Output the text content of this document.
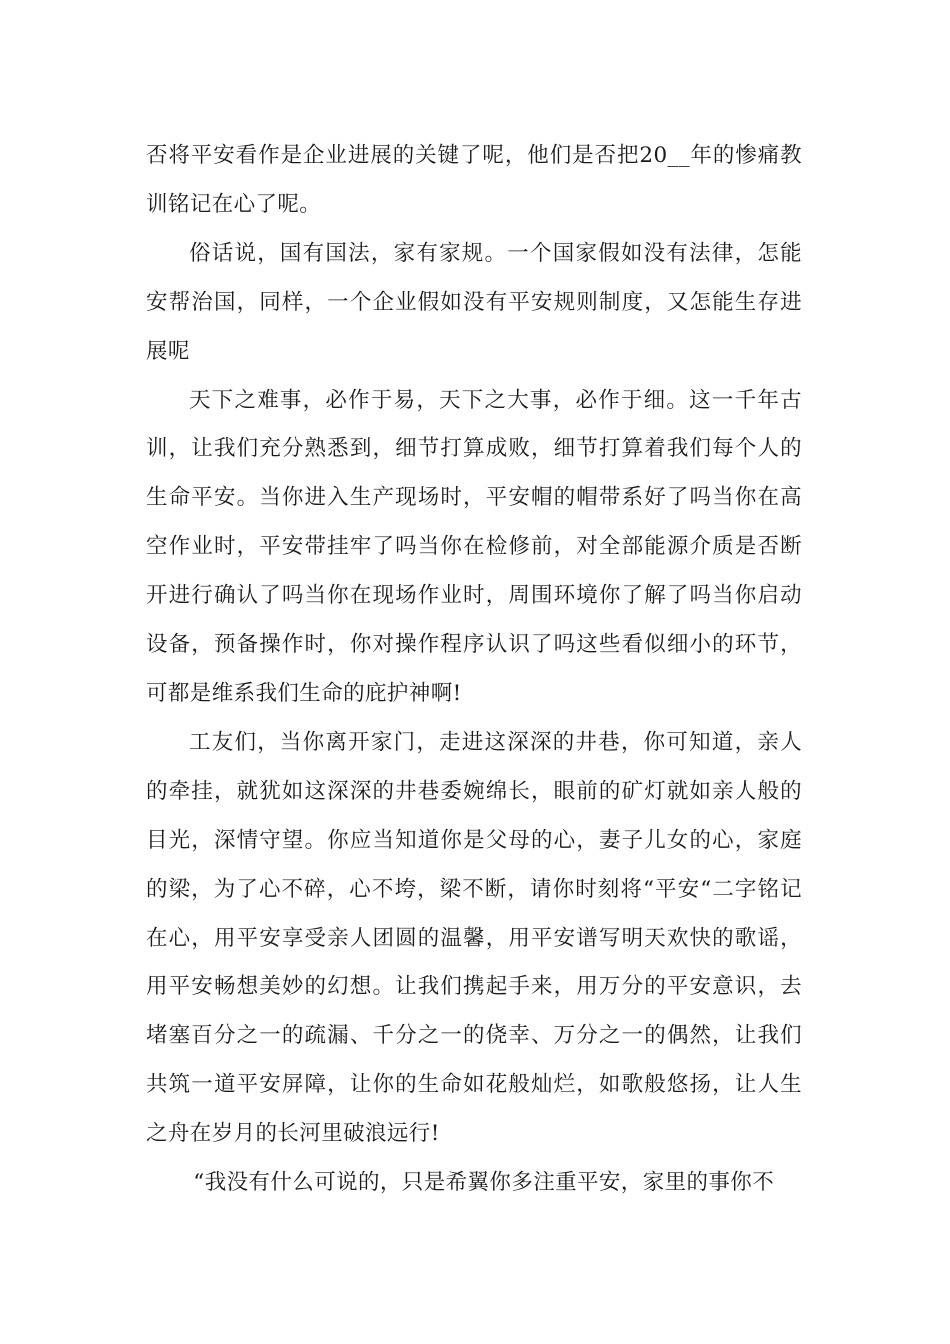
否将平安看作是企业进展的关键了呢，他们是否把20__年的惨痛教训铭记在心了呢。

俗话说，国有国法，家有家规。一个国家假如没有法律，怎能安帮治国，同样，一个企业假如没有平安规则制度，又怎能生存进展呢

天下之难事，必作于易，天下之大事，必作于细。这一千年古训，让我们充分熟悉到，细节打算成败，细节打算着我们每个人的生命平安。当你进入生产现场时，平安帽的帽带系好了吗当你在高空作业时，平安带挂牢了吗当你在检修前，对全部能源介质是否断开进行确认了吗当你在现场作业时，周围环境你了解了吗当你启动设备，预备操作时，你对操作程序认识了吗这些看似细小的环节，可都是维系我们生命的庇护神啊!

工友们，当你离开家门，走进这深深的井巷，你可知道，亲人的牵挂，就犹如这深深的井巷委婉绵长，眼前的矿灯就如亲人般的目光，深情守望。你应当知道你是父母的心，妻子儿女的心，家庭的梁，为了心不碎，心不垮，梁不断，请你时刻将“平安“二字铭记在心，用平安享受亲人团圆的温馨，用平安谱写明天欢快的歌谣，用平安畅想美妙的幻想。让我们携起手来，用万分的平安意识，去堵塞百分之一的疏漏、千分之一的侥幸、万分之一的偶然，让我们共筑一道平安屏障，让你的生命如花般灿烂，如歌般悠扬，让人生之舟在岁月的长河里破浪远行!

“我没有什么可说的，只是希翼你多注重平安，家里的事你不
